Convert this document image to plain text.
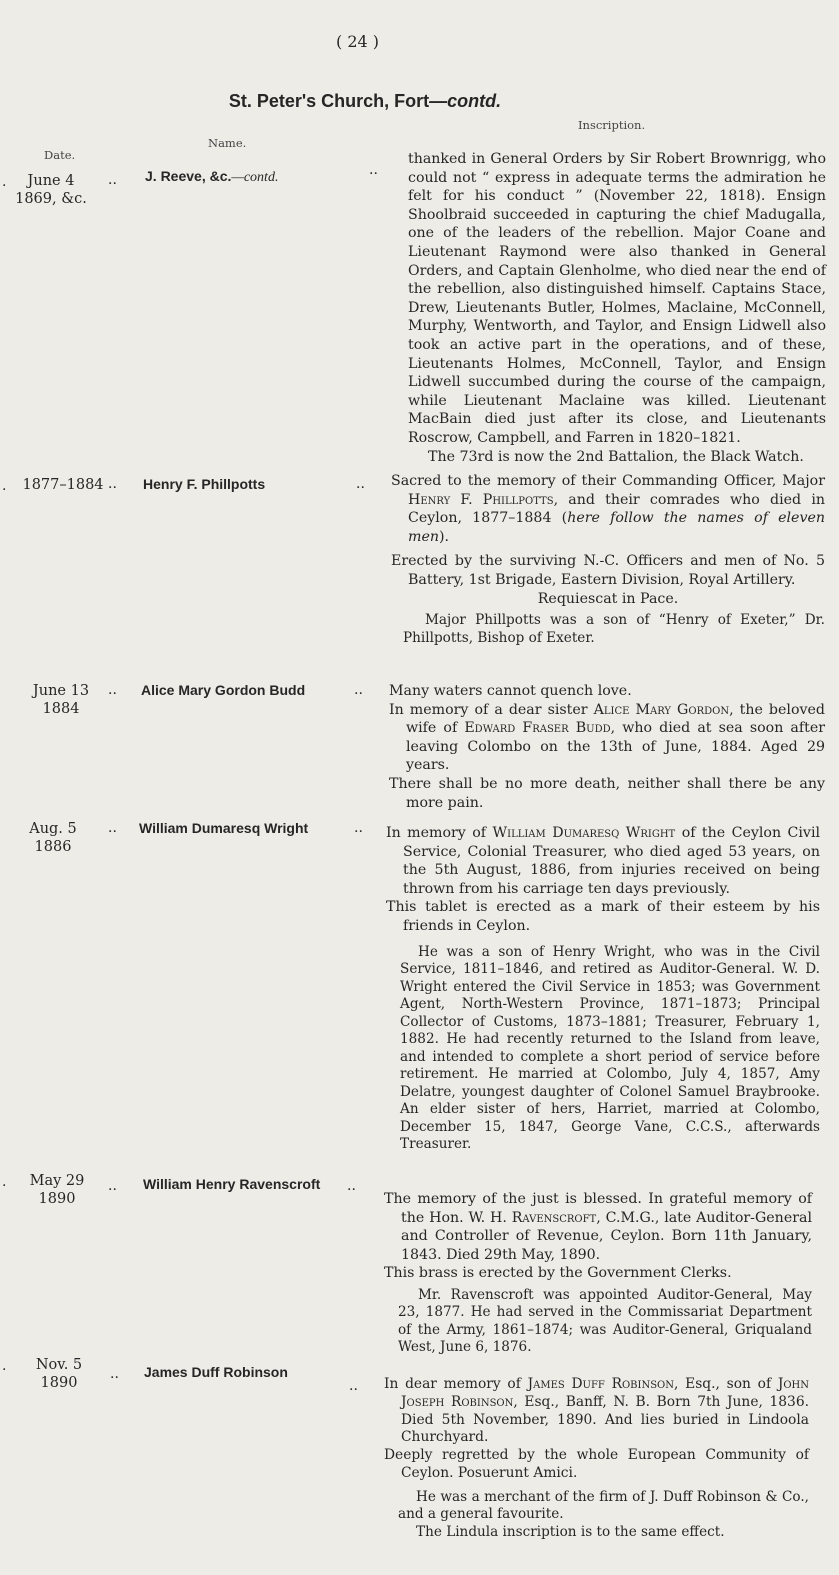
( 24 )
St. Peter's Church, Fort—contd.
Date.
Name.
Inscription.
.	June 4
1869, &c.
.. J. Reeve, &c.—contd.	..

thanked in General Orders by Sir Robert Brownrigg, who could not “ express in adequate terms the admiration he felt for his conduct ” (November 22, 1818). Ensign Shoolbraid succeeded in capturing the chief Madugalla, one of the leaders of the rebellion. Major Coane and Lieutenant Raymond were also thanked in General Orders, and Captain Glenholme, who died near the end of the rebellion, also distinguished himself. Captains Stace, Drew, Lieutenants Butler, Holmes, Maclaine, McConnell, Murphy, Wentworth, and Taylor, and Ensign Lidwell also took an active part in the operations, and of these, Lieutenants Holmes, McConnell, Taylor, and Ensign Lidwell succumbed during the course of the campaign, while Lieutenant Maclaine was killed. Lieutenant MacBain died just after its close, and Lieutenants Roscrow, Campbell, and Farren in 1820–1821.

The 73rd is now the 2nd Battalion, the Black Watch.

.	1877–1884 .. Henry F. Phillpotts	.. Sacred to the memory of their Commanding Officer, Major Henry F. Phillpotts, and their comrades who died in Ceylon, 1877–1884 (here follow the names of eleven men).

Erected by the surviving N.-C. Officers and men of No. 5 Battery, 1st Brigade, Eastern Division, Royal Artillery.

Requiescat in Pace.

Major Phillpotts was a son of “Henry of Exeter,” Dr. Phillpotts, Bishop of Exeter.

June 13
1884
.. Alice Mary Gordon Budd	.. Many waters cannot quench love.

In memory of a dear sister Alice Mary Gordon, the beloved wife of Edward Fraser Budd, who died at sea soon after leaving Colombo on the 13th of June, 1884. Aged 29 years.

There shall be no more death, neither shall there be any more pain.

Aug. 5
1886
.. William Dumaresq Wright	.. In memory of William Dumaresq Wright of the Ceylon Civil Service, Colonial Treasurer, who died aged 53 years, on the 5th August, 1886, from injuries received on being thrown from his carriage ten days previously.

This tablet is erected as a mark of their esteem by his friends in Ceylon.

He was a son of Henry Wright, who was in the Civil Service, 1811–1846, and retired as Auditor-General. W. D. Wright entered the Civil Service in 1853; was Government Agent, North-Western Province, 1871–1873; Principal Collector of Customs, 1873–1881; Treasurer, February 1, 1882. He had recently returned to the Island from leave, and intended to complete a short period of service before retirement. He married at Colombo, July 4, 1857, Amy Delatre, youngest daughter of Colonel Samuel Braybrooke. An elder sister of hers, Harriet, married at Colombo, December 15, 1847, George Vane, C.C.S., afterwards Treasurer.

.	May 29
1890
.. William Henry Ravenscroft ..

The memory of the just is blessed. In grateful memory of the Hon. W. H. Ravenscroft, C.M.G., late Auditor-General and Controller of Revenue, Ceylon. Born 11th January, 1843. Died 29th May, 1890.

This brass is erected by the Government Clerks.

Mr. Ravenscroft was appointed Auditor-General, May 23, 1877. He had served in the Commissariat Department of the Army, 1861–1874; was Auditor-General, Griqualand West, June 6, 1876.

.	Nov. 5
1890
.. James Duff Robinson
.. In dear memory of James Duff Robinson, Esq., son of John Joseph Robinson, Esq., Banff, N. B. Born 7th June, 1836. Died 5th November, 1890. And lies buried in Lindoola Churchyard.

Deeply regretted by the whole European Community of Ceylon. Posuerunt Amici.

He was a merchant of the firm of J. Duff Robinson & Co., and a general favourite.

The Lindula inscription is to the same effect.
